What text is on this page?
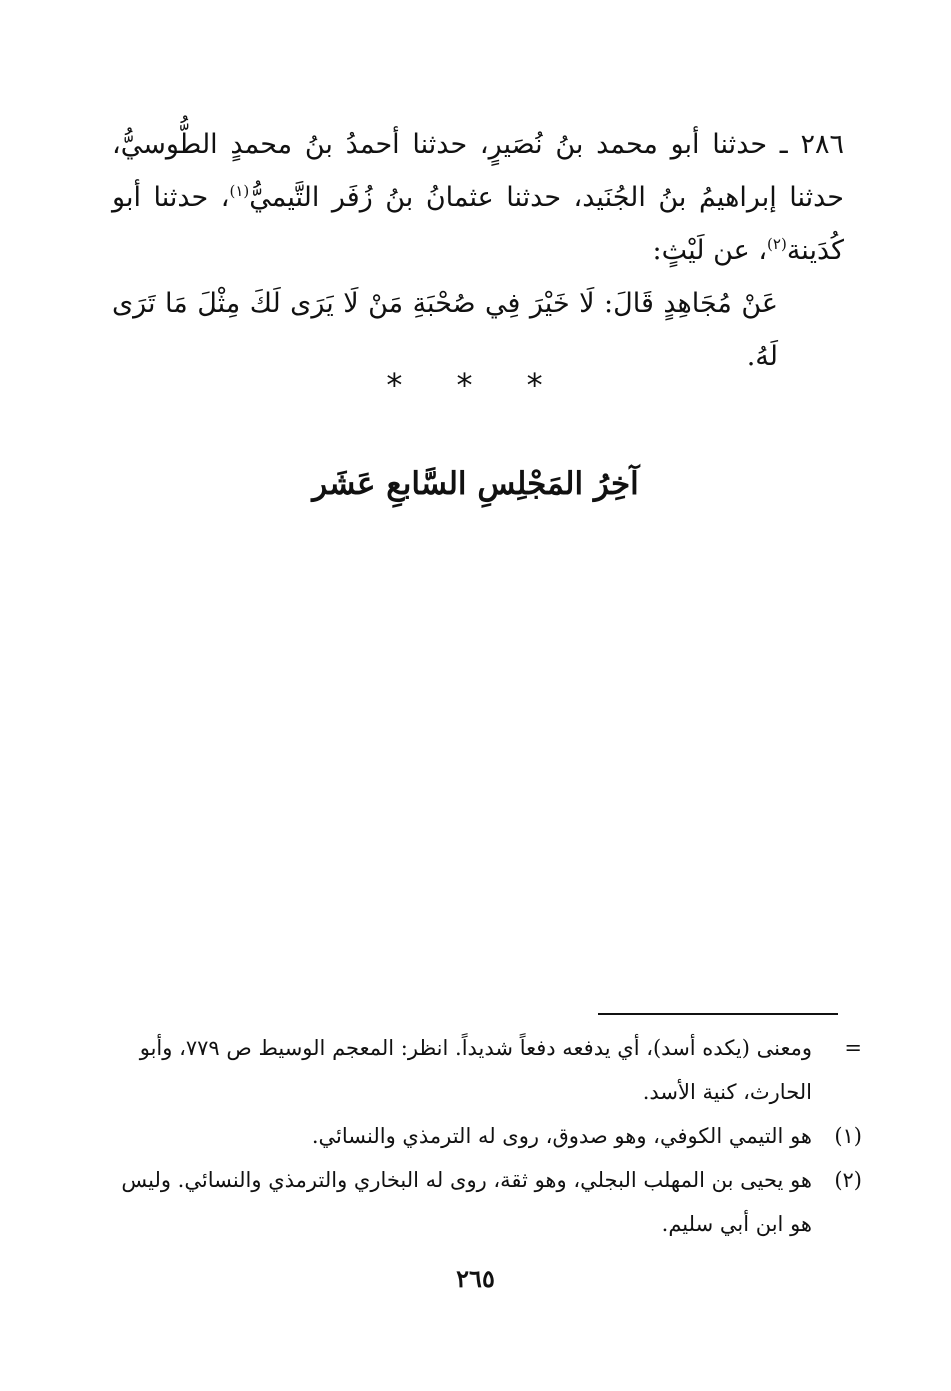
٢٨٦ ـ حدثنا أبو محمد بنُ نُصَيرٍ، حدثنا أحمدُ بنُ محمدٍ الطُّوسيُّ، حدثنا إبراهيمُ بنُ الجُنَيد، حدثنا عثمانُ بنُ زُفَر التَّيميُّ$^{(١)}$، حدثنا أبو كُدَينة$^{(٢)}$، عن لَيْثٍ:

عَنْ مُجَاهِدٍ قَالَ: لَا خَيْرَ فِي صُحْبَةِ مَنْ لَا يَرَى لَكَ مِثْلَ مَا تَرَى لَهُ.

* * *
آخِرُ المَجْلِسِ السَّابعِ عَشَر
=
ومعنى (يكده أسد)، أي يدفعه دفعاً شديداً. انظر: المعجم الوسيط ص ٧٧٩، وأبو الحارث، كنية الأسد.
(١)
هو التيمي الكوفي، وهو صدوق، روى له الترمذي والنسائي.
(٢)
هو يحيى بن المهلب البجلي، وهو ثقة، روى له البخاري والترمذي والنسائي. وليس هو ابن أبي سليم.
٢٦٥
